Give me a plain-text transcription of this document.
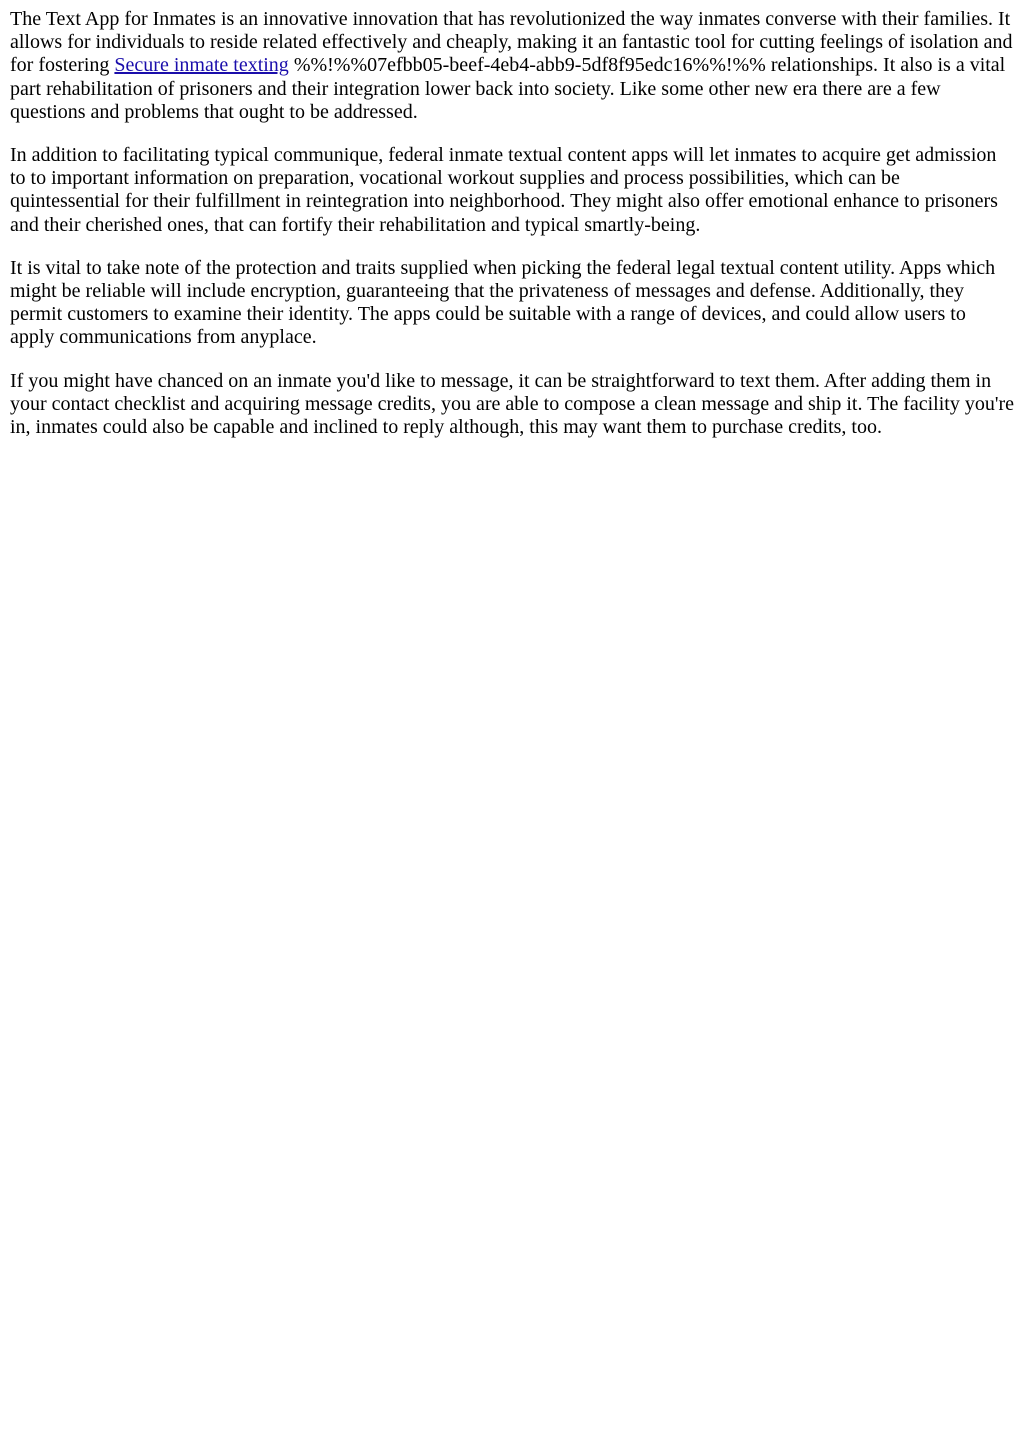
The Text App for Inmates is an innovative innovation that has revolutionized the way inmates converse with their families. It allows for individuals to reside related effectively and cheaply, making it an fantastic tool for cutting feelings of isolation and for fostering Secure inmate texting %%!%%07efbb05-beef-4eb4-abb9-5df8f95edc16%%!%% relationships. It also is a vital part rehabilitation of prisoners and their integration lower back into society. Like some other new era there are a few questions and problems that ought to be addressed.

In addition to facilitating typical communique, federal inmate textual content apps will let inmates to acquire get admission to to important information on preparation, vocational workout supplies and process possibilities, which can be quintessential for their fulfillment in reintegration into neighborhood. They might also offer emotional enhance to prisoners and their cherished ones, that can fortify their rehabilitation and typical smartly-being.

It is vital to take note of the protection and traits supplied when picking the federal legal textual content utility. Apps which might be reliable will include encryption, guaranteeing that the privateness of messages and defense. Additionally, they permit customers to examine their identity. The apps could be suitable with a range of devices, and could allow users to apply communications from anyplace.

If you might have chanced on an inmate you'd like to message, it can be straightforward to text them. After adding them in your contact checklist and acquiring message credits, you are able to compose a clean message and ship it. The facility you're in, inmates could also be capable and inclined to reply although, this may want them to purchase credits, too.
